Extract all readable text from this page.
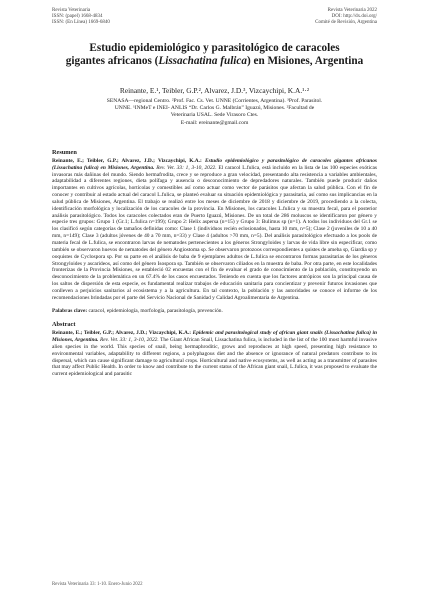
Revista Veterinaria
ISSN: (papel) 1668-4834
ISSN: (En Línea) 1669-6840
Revista Veterinaria 2022
DOI: http://dx.doi.org/
Comité de Revisión, Argentina
Estudio epidemiológico y parasitológico de caracoles
gigantes africanos (Lissachatina fulica) en Misiones, Argentina
Reinante, E.¹, Teibler, G.P.², Alvarez, J.D.³, Vizcaychipi, K.A.¹·²
SENASA—regional Centro. ²Prof. Fac. Cs. Vet. UNNE (Corrientes, Argentina). ³Prof. Parasitol.
UNNE. ¹INMeT e INEI- ANLIS “Dr. Carlos G. Malbrán” Iguazú, Misiones. ²Facultad de
Veterinaria USAL. Sede Virasoro Ctes.
E-mail: ereinante@gmail.com
Resumen

Reinante, E.; Teibler, G.P.; Alvarez, J.D.; Vizcaychipi, K.A.: Estudio epidemiológico y parasitológico de caracoles gigantes africanos (Lissachatina fulica) en Misiones, Argentina. Rev. Vet. 33: 1, 3-10, 2022. El caracol L.fulica, está incluido en la lista de las 100 especies exóticas invasoras más dañinas del mundo. Siendo hermafrodita, crece y se reproduce a gran velocidad, presentando alta resistencia a variables ambientales, adaptabilidad a diferentes regiones, dieta polífaga y ausencia o desconocimiento de depredadores naturales. También puede producir daños importantes en cultivos agrícolas, hortícolas y comestibles así como actuar como vector de parásitos que afectan la salud pública. Con el fin de conocer y contribuir al estado actual del caracol L.fulica, se planteó evaluar su situación epidemiológica y parasitaria, así como sus implicancias en la salud pública de Misiones, Argentina. El trabajo se realizó entre los meses de diciembre de 2018 y diciembre de 2019, procediendo a la colecta, identificación morfológica y localización de los caracoles de la provincia. En Misiones, los caracoles L.fulica y su muestra fecal, para el posterior análisis parasitológico. Todos los caracoles colectados eran de Puerto Iguazú, Misiones. De un total de 286 moluscos se identificaron por género y especie tres grupos: Grupo 1 (Gr.1; L.fulica n=199); Grupo 2: Helix aspersa (n=15) y Grupo 3: Bulimus sp (n=1). A todos los individuos del Gr.1 se los clasificó según categorías de tamaños definidas como: Clase 1 (individuos recién eclosionados, hasta 10 mm, n=5); Clase 2 (juveniles de 10 a 40 mm, n=149); Clase 3 (adultos jóvenes de 40 a 70 mm, n=33) y Clase 4 (adultos >70 mm, n=5). Del análisis parasitológico efectuado a los pools de materia fecal de L.fulica, se encontraron larvas de nematodes pertenecientes a los géneros Strongyloides y larvas de vida libre sin especificar, como también se observaron huevos de nematodes del género Angiostoma sp. Se observaron protozoos correspondientes a quistes de ameba sp, Giardia sp y ooquistes de Cyclospora sp. Por su parte en el análisis de baba de 9 ejemplares adultos de L.fulica se encontraron formas parasitarias de los géneros Strongyloides y ascarideos, así como del género Isospora sp. También se observaron ciliados en la muestra de baba. Por otra parte, en este localidades fronterizas de la Provincia Misiones, se estableció 02 encuestas con el fin de evaluar el grado de conocimiento de la población, constituyendo un desconocimiento de la problemática en un 67.4% de los casos encuestados. Teniendo en cuenta que los factores antrópicos son la principal causa de los saltos de dispersión de esta especie, es fundamental realizar trabajos de educación sanitaria para concientizar y prevenir futuros invasiones que conlleven a perjuicios sanitarios al ecosistema y a la agricultura. En tal contexto, la población y las autoridades se conoce el informe de los recomendaciones brindadas por el parte del Servicio Nacional de Sanidad y Calidad Agroalimentaria de Argentina.

Palabras clave: caracol, epidemiología, morfología, parasitología, prevención.

Abstract

Reinante, E.; Teibler, G.P.; Alvarez, J.D.; Vizcaychipi, K.A.: Epidemic and parasitological study of african giant snails (Lissachatina fulica) in Misiones, Argentina. Rev. Vet. 33: 1, 3-10, 2022. The Giant African Snail, Lissachatina fulica, is included in the list of the 100 most harmful invasive alien species in the world. This species of snail, being hermaphroditic, grows and reproduces at high speed, presenting high resistance to environmental variables, adaptability to different regions, a polyphagous diet and the absence or ignorance of natural predators contribute to its dispersal, which can cause significant damage to agricultural crops. Horticultural and native ecosystems, as well as acting as a transmitter of parasites that may affect Public Health. In order to know and contribute to the current status of the African giant snail, L.fulica, it was proposed to evaluate the current epidemiological and parasitic

Revista Veterinaria 33: 1-10. Enero-Junio 2022
